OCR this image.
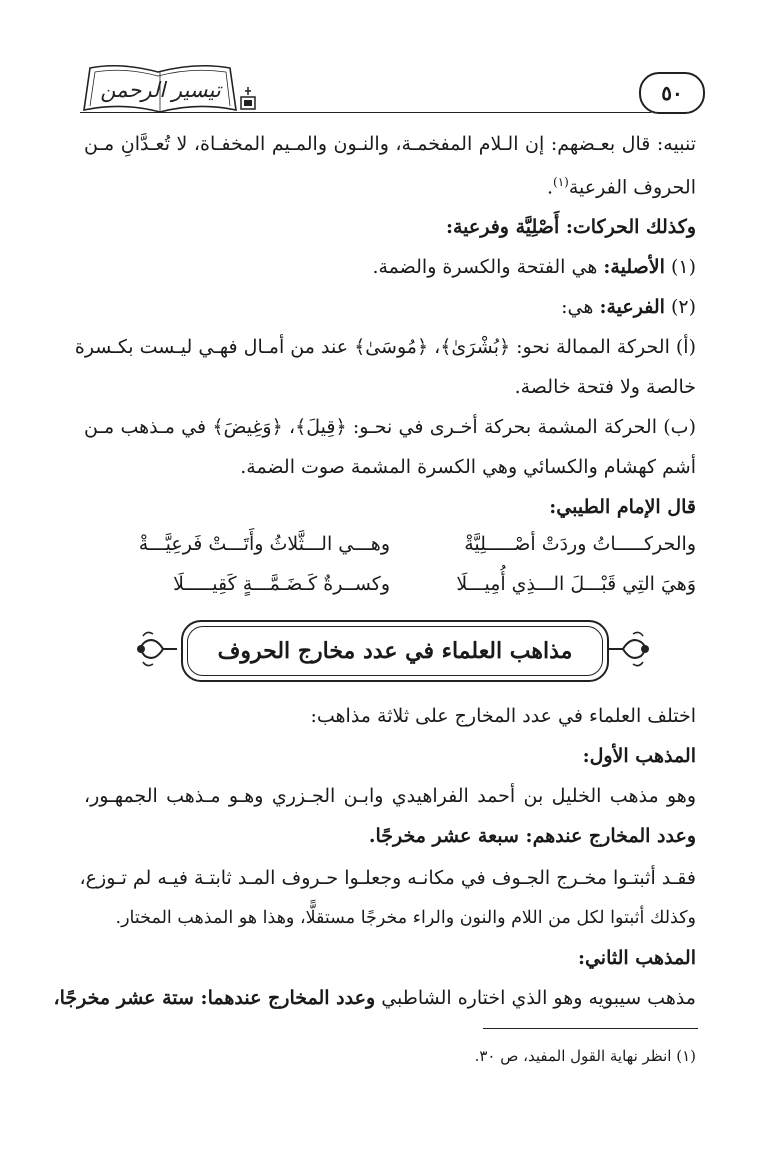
تيسير الرحمن	٥٠
تنبيه: قال بعـضهم: إن الـلام المفخمـة، والنـون والمـيم المخفـاة، لا تُعـدَّانِ مـن
الحروف الفرعية$^{(١)}$.
وكذلك الحركات: أَصْلِيَّة وفرعية:
(١) الأصلية: هي الفتحة والكسرة والضمة.
(٢) الفرعية: هي:
(أ) الحركة الممالة نحو: ﴿بُشْرَىٰ﴾، ﴿مُوسَىٰ﴾ عند من أمـال فهـي ليـست بكـسرة
خالصة ولا فتحة خالصة.
(ب) الحركة المشمة بحركة أخـرى في نحـو: ﴿قِيلَ﴾، ﴿وَغِيضَ﴾ في مـذهب مـن
أشم كهشام والكسائي وهي الكسرة المشمة صوت الضمة.
قال الإمام الطيبي:
والحركـــــاتُ وردَتْ أصْـــــلِيَّةْ
وهـــي الـــثَّلاثُ وأَتَـــتْ فَرعِيَّـــةْ
وَهيَ التِي قَبْـــلَ الـــذِي أُمِيـــلَا
وكســرةٌ كَـضَـمَّـــةٍ كَقِيـــــلَا
مذاهب العلماء في عدد مخارج الحروف
اختلف العلماء في عدد المخارج على ثلاثة مذاهب:
المذهب الأول:
وهو مذهب الخليل بن أحمد الفراهيدي وابـن الجـزري وهـو مـذهب الجمهـور،
وعدد المخارج عندهم: سبعة عشر مخرجًا.
فقـد أثبتـوا مخـرج الجـوف في مكانـه وجعلـوا حـروف المـد ثابتـة فيـه لم تـوزع،
وكذلك أثبتوا لكل من اللام والنون والراء مخرجًا مستقلًّا، وهذا هو المذهب المختار.
المذهب الثاني:
مذهب سيبويه وهو الذي اختاره الشاطبي وعدد المخارج عندهما: ستة عشر مخرجًا،
(١) انظر نهاية القول المفيد، ص ٣٠.
